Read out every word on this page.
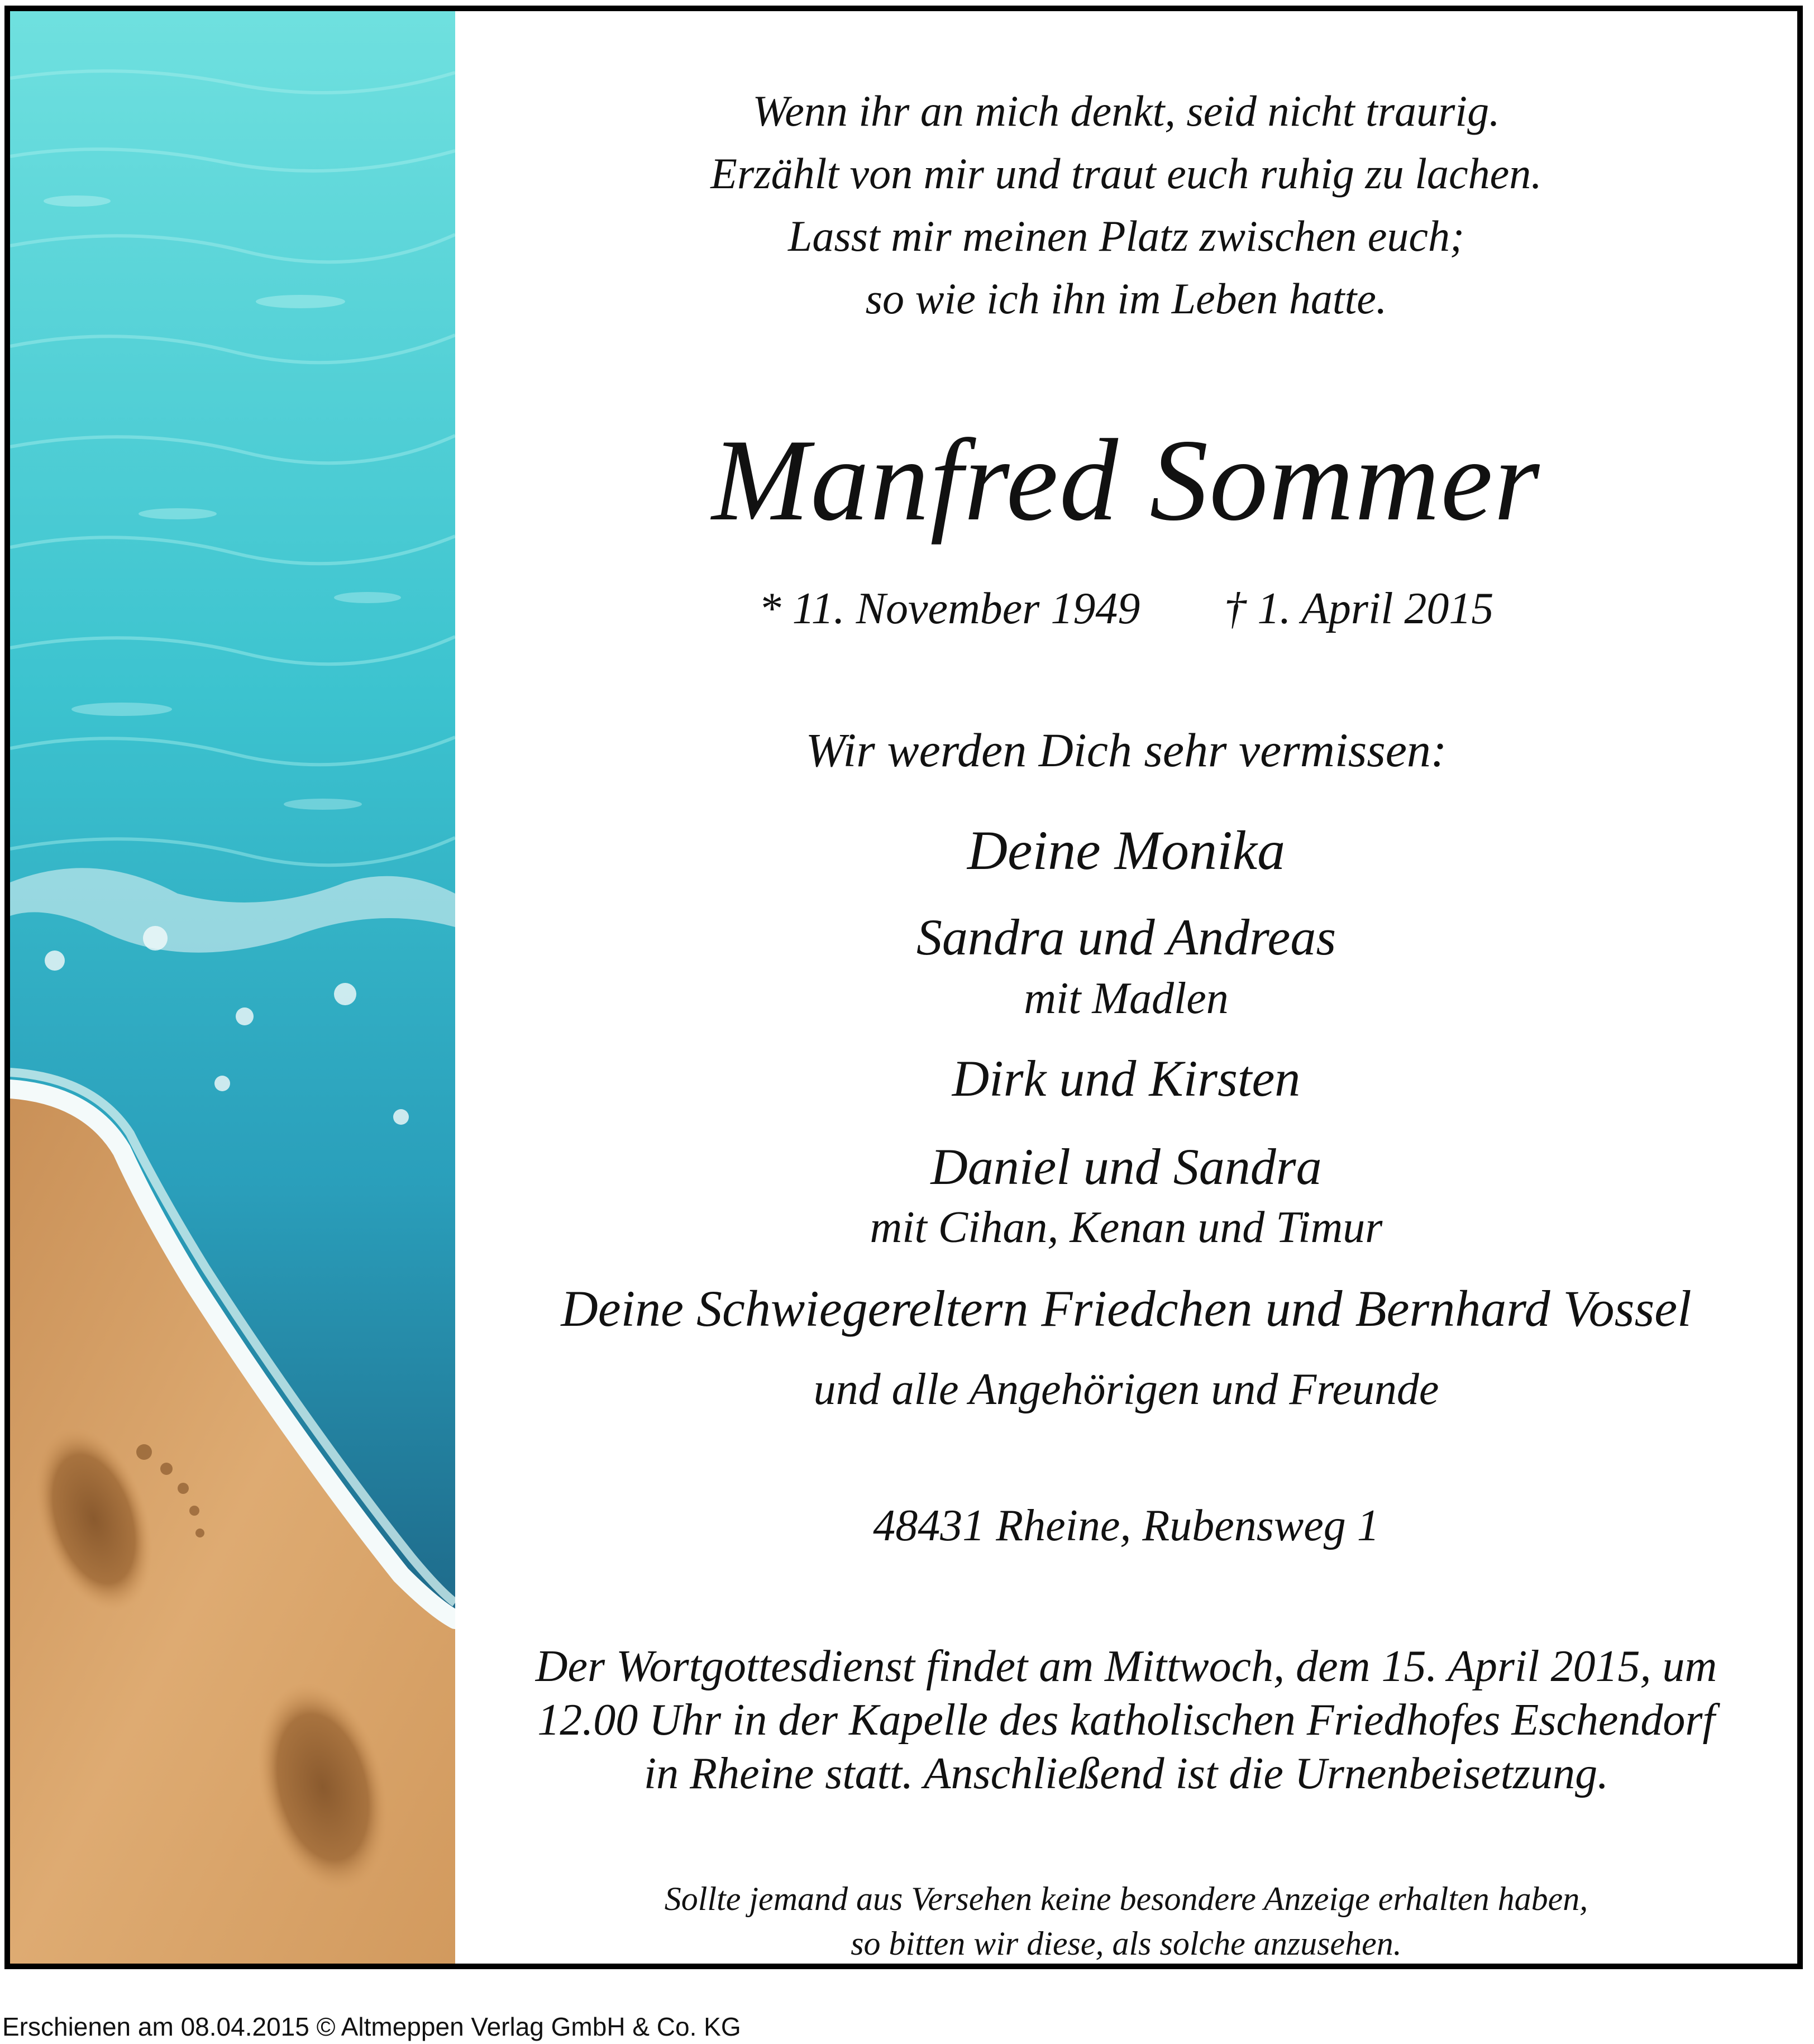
Wenn ihr an mich denkt, seid nicht traurig.
Erzählt von mir und traut euch ruhig zu lachen.
Lasst mir meinen Platz zwischen euch;
so wie ich ihn im Leben hatte.
Manfred Sommer
* 11. November 1949 † 1. April 2015
Wir werden Dich sehr vermissen:
Deine Monika
Sandra und Andreas
mit Madlen
Dirk und Kirsten
Daniel und Sandra
mit Cihan, Kenan und Timur
Deine Schwiegereltern Friedchen und Bernhard Vossel
und alle Angehörigen und Freunde
48431 Rheine, Rubensweg 1
Der Wortgottesdienst findet am Mittwoch, dem 15. April 2015, um
12.00 Uhr in der Kapelle des katholischen Friedhofes Eschendorf
in Rheine statt. Anschließend ist die Urnenbeisetzung.
Sollte jemand aus Versehen keine besondere Anzeige erhalten haben,
so bitten wir diese, als solche anzusehen.
Erschienen am 08.04.2015 © Altmeppen Verlag GmbH & Co. KG
